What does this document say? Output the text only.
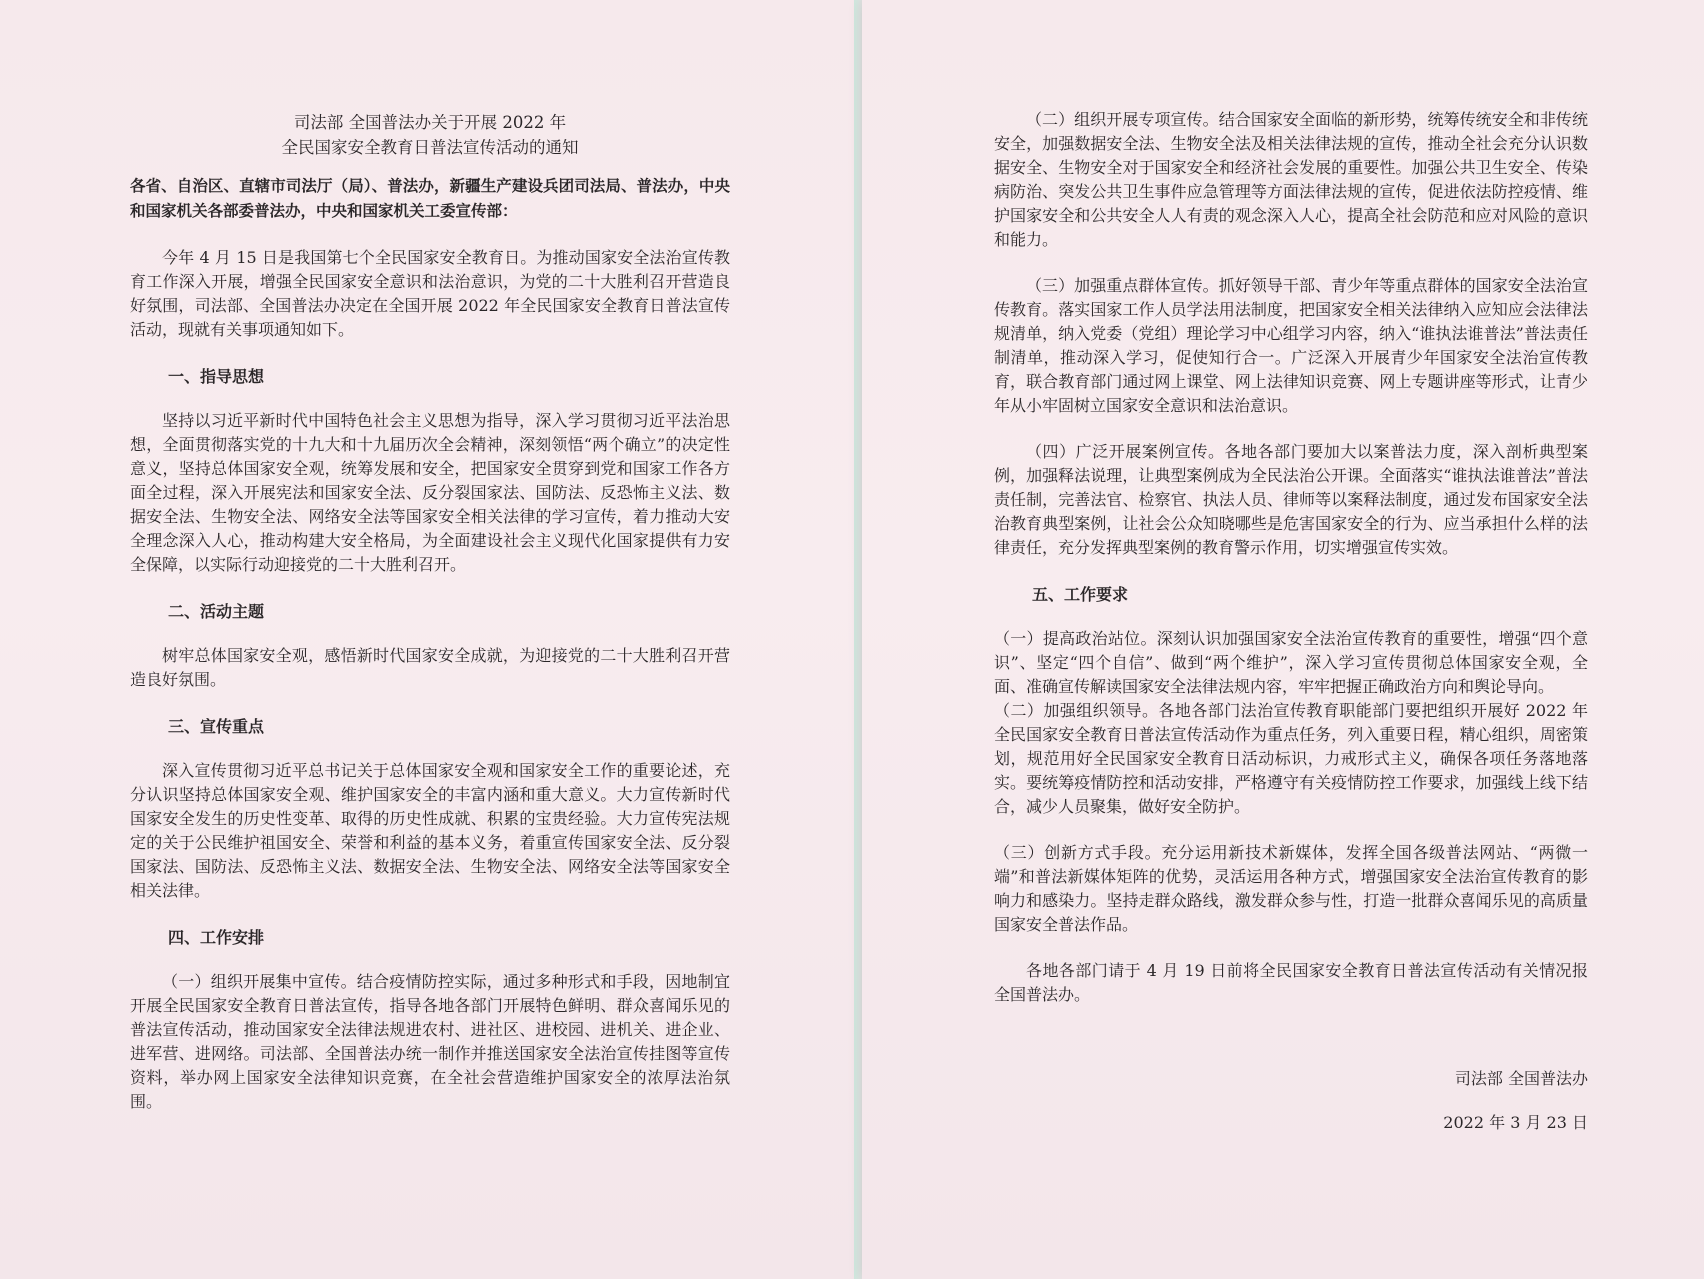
司法部 全国普法办关于开展 2022 年
全民国家安全教育日普法宣传活动的通知

各省、自治区、直辖市司法厅（局）、普法办，新疆生产建设兵团司法局、普法办，中央和国家机关各部委普法办，中央和国家机关工委宣传部：

今年 4 月 15 日是我国第七个全民国家安全教育日。为推动国家安全法治宣传教育工作深入开展，增强全民国家安全意识和法治意识，为党的二十大胜利召开营造良好氛围，司法部、全国普法办决定在全国开展 2022 年全民国家安全教育日普法宣传活动，现就有关事项通知如下。

一、指导思想

坚持以习近平新时代中国特色社会主义思想为指导，深入学习贯彻习近平法治思想，全面贯彻落实党的十九大和十九届历次全会精神，深刻领悟“两个确立”的决定性意义，坚持总体国家安全观，统筹发展和安全，把国家安全贯穿到党和国家工作各方面全过程，深入开展宪法和国家安全法、反分裂国家法、国防法、反恐怖主义法、数据安全法、生物安全法、网络安全法等国家安全相关法律的学习宣传，着力推动大安全理念深入人心，推动构建大安全格局，为全面建设社会主义现代化国家提供有力安全保障，以实际行动迎接党的二十大胜利召开。

二、活动主题

树牢总体国家安全观，感悟新时代国家安全成就，为迎接党的二十大胜利召开营造良好氛围。

三、宣传重点

深入宣传贯彻习近平总书记关于总体国家安全观和国家安全工作的重要论述，充分认识坚持总体国家安全观、维护国家安全的丰富内涵和重大意义。大力宣传新时代国家安全发生的历史性变革、取得的历史性成就、积累的宝贵经验。大力宣传宪法规定的关于公民维护祖国安全、荣誉和利益的基本义务，着重宣传国家安全法、反分裂国家法、国防法、反恐怖主义法、数据安全法、生物安全法、网络安全法等国家安全相关法律。

四、工作安排

（一）组织开展集中宣传。结合疫情防控实际，通过多种形式和手段，因地制宜开展全民国家安全教育日普法宣传，指导各地各部门开展特色鲜明、群众喜闻乐见的普法宣传活动，推动国家安全法律法规进农村、进社区、进校园、进机关、进企业、进军营、进网络。司法部、全国普法办统一制作并推送国家安全法治宣传挂图等宣传资料，举办网上国家安全法律知识竞赛，在全社会营造维护国家安全的浓厚法治氛围。

（二）组织开展专项宣传。结合国家安全面临的新形势，统筹传统安全和非传统安全，加强数据安全法、生物安全法及相关法律法规的宣传，推动全社会充分认识数据安全、生物安全对于国家安全和经济社会发展的重要性。加强公共卫生安全、传染病防治、突发公共卫生事件应急管理等方面法律法规的宣传，促进依法防控疫情、维护国家安全和公共安全人人有责的观念深入人心，提高全社会防范和应对风险的意识和能力。

（三）加强重点群体宣传。抓好领导干部、青少年等重点群体的国家安全法治宣传教育。落实国家工作人员学法用法制度，把国家安全相关法律纳入应知应会法律法规清单，纳入党委（党组）理论学习中心组学习内容，纳入“谁执法谁普法”普法责任制清单，推动深入学习，促使知行合一。广泛深入开展青少年国家安全法治宣传教育，联合教育部门通过网上课堂、网上法律知识竞赛、网上专题讲座等形式，让青少年从小牢固树立国家安全意识和法治意识。

（四）广泛开展案例宣传。各地各部门要加大以案普法力度，深入剖析典型案例，加强释法说理，让典型案例成为全民法治公开课。全面落实“谁执法谁普法”普法责任制，完善法官、检察官、执法人员、律师等以案释法制度，通过发布国家安全法治教育典型案例，让社会公众知晓哪些是危害国家安全的行为、应当承担什么样的法律责任，充分发挥典型案例的教育警示作用，切实增强宣传实效。

五、工作要求

（一）提高政治站位。深刻认识加强国家安全法治宣传教育的重要性，增强“四个意识”、坚定“四个自信”、做到“两个维护”，深入学习宣传贯彻总体国家安全观，全面、准确宣传解读国家安全法律法规内容，牢牢把握正确政治方向和舆论导向。

（二）加强组织领导。各地各部门法治宣传教育职能部门要把组织开展好 2022 年全民国家安全教育日普法宣传活动作为重点任务，列入重要日程，精心组织，周密策划，规范用好全民国家安全教育日活动标识，力戒形式主义，确保各项任务落地落实。要统筹疫情防控和活动安排，严格遵守有关疫情防控工作要求，加强线上线下结合，减少人员聚集，做好安全防护。

（三）创新方式手段。充分运用新技术新媒体，发挥全国各级普法网站、“两微一端”和普法新媒体矩阵的优势，灵活运用各种方式，增强国家安全法治宣传教育的影响力和感染力。坚持走群众路线，激发群众参与性，打造一批群众喜闻乐见的高质量国家安全普法作品。

各地各部门请于 4 月 19 日前将全民国家安全教育日普法宣传活动有关情况报全国普法办。

司法部 全国普法办
2022 年 3 月 23 日
